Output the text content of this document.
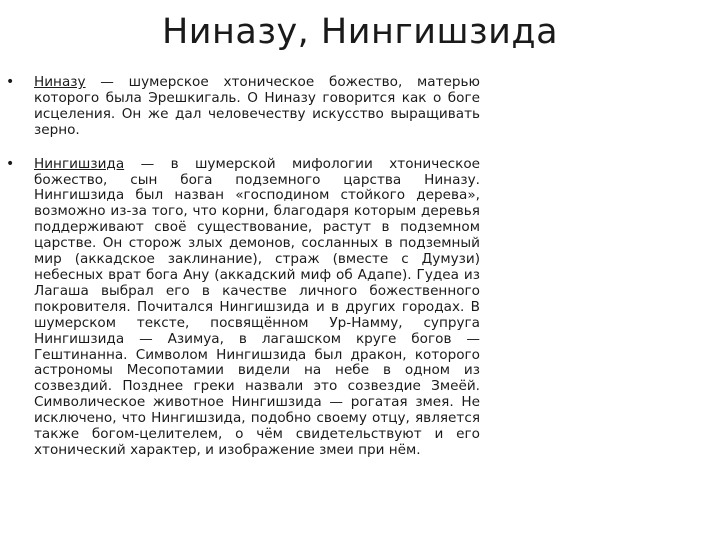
Ниназу, Нингишзида
• Ниназу — шумерское хтоническое божество, матерью которого была Эрешкигаль. О Ниназу говорится как о боге исцеления. Он же дал человечеству искусство выращивать зерно.
• Нингишзида — в шумерской мифологии хтоническое божество, сын бога подземного царства Ниназу. Нингишзида был назван «господином стойкого дерева», возможно из-за того, что корни, благодаря которым деревья поддерживают своё существование, растут в подземном царстве. Он сторож злых демонов, сосланных в подземный мир (аккадское заклинание), страж (вместе с Думузи) небесных врат бога Ану (аккадский миф об Адапе). Гудеа из Лагаша выбрал его в качестве личного божественного покровителя. Почитался Нингишзида и в других городах. В шумерском тексте, посвящённом Ур-Намму, супруга Нингишзида — Азимуа, в лагашском круге богов — Гештинанна. Символом Нингишзида был дракон, которого астрономы Месопотамии видели на небе в одном из созвездий. Позднее греки назвали это созвездие Змеёй. Символическое животное Нингишзида — рогатая змея. Не исключено, что Нингишзида, подобно своему отцу, является также богом-целителем, о чём свидетельствуют и его хтонический характер, и изображение змеи при нём.
